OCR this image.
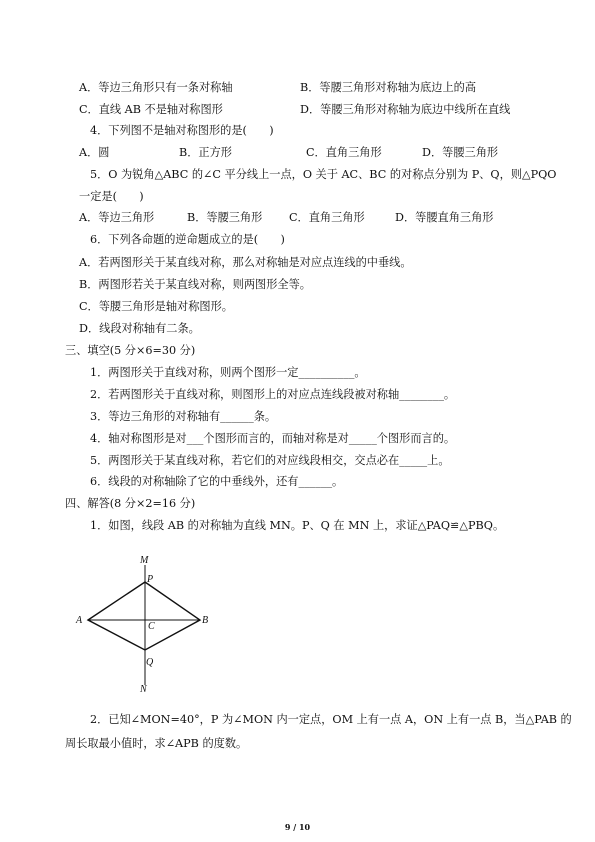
A．等边三角形只有一条对称轴	B．等腰三角形对称轴为底边上的高
C．直线 AB 不是轴对称图形	D．等腰三角形对称轴为底边中线所在直线
4．下列图不是轴对称图形的是(　　)
A．圆	B．正方形	C．直角三角形	D．等腰三角形
5．O 为锐角△ABC 的∠C 平分线上一点，O 关于 AC、BC 的对称点分别为 P、Q，则△PQO
一定是(　　)
A．等边三角形	B．等腰三角形 C．直角三角形	D．等腰直角三角形
6．下列各命题的逆命题成立的是(　　)
A．若两图形关于某直线对称，那么对称轴是对应点连线的中垂线。
B．两图形若关于某直线对称，则两图形全等。
C．等腰三角形是轴对称图形。
D．线段对称轴有二条。
三、填空(5 分×6=30 分)
1．两图形关于直线对称，则两个图形一定__________。
2．若两图形关于直线对称，则图形上的对应点连线段被对称轴________。
3．等边三角形的对称轴有______条。
4．轴对称图形是对___个图形而言的，而轴对称是对_____个图形而言的。
5．两图形关于某直线对称，若它们的对应线段相交，交点必在_____上。
6．线段的对称轴除了它的中垂线外，还有______。
四、解答(8 分×2=16 分)
1．如图，线段 AB 的对称轴为直线 MN。P、Q 在 MN 上，求证△PAQ≌△PBQ。
M
P
A
C
B
Q
N
2．已知∠MON=40°，P 为∠MON 内一定点，OM 上有一点 A，ON 上有一点 B，当△PAB 的
周长取最小值时，求∠APB 的度数。
9 / 10
